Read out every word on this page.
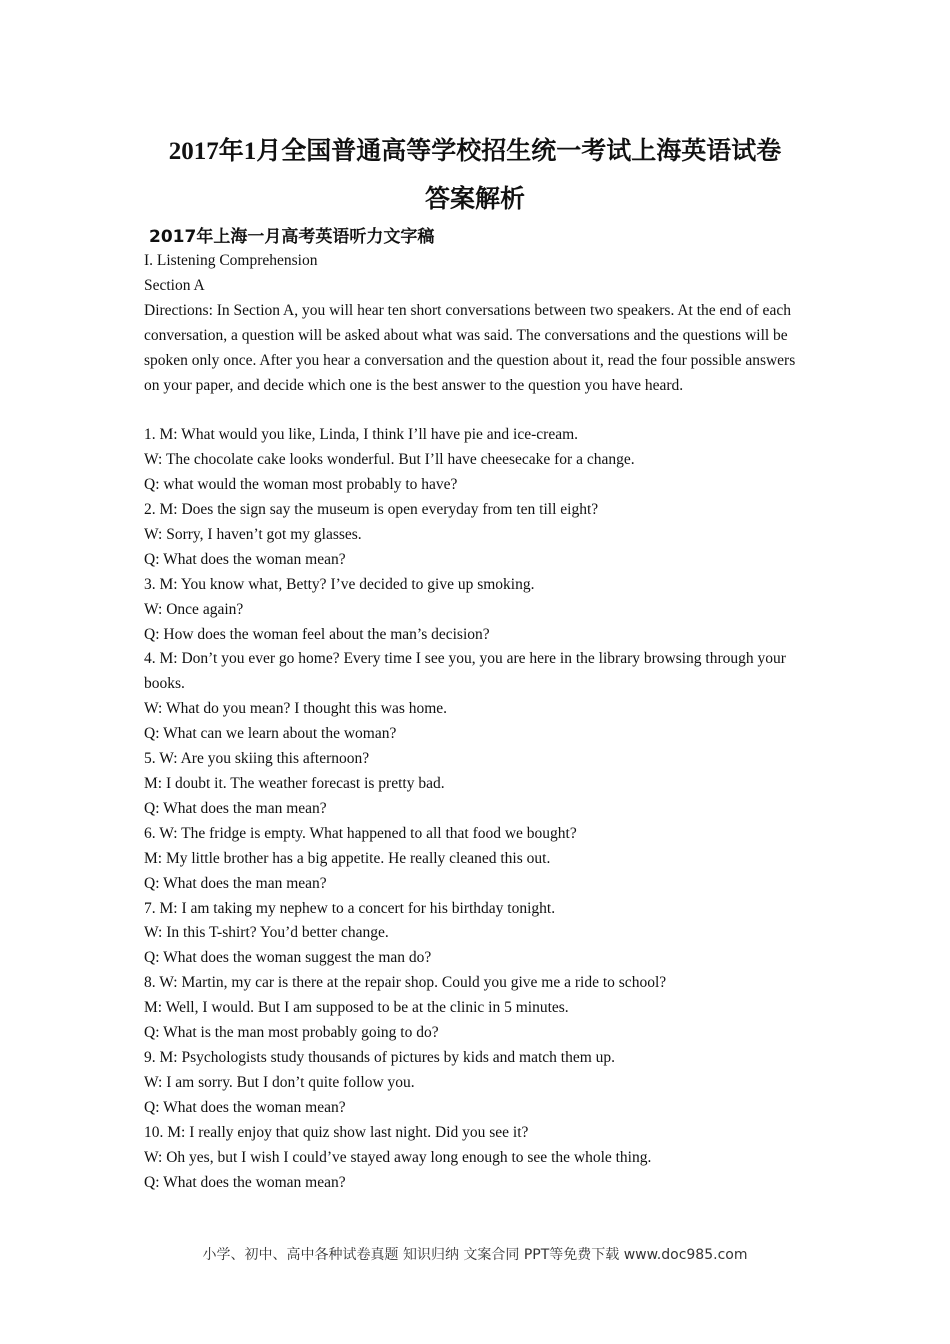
2017年1月全国普通高等学校招生统一考试上海英语试卷
答案解析
2017年上海一月高考英语听力文字稿

I. Listening Comprehension

Section A

Directions: In Section A, you will hear ten short conversations between two speakers. At the end of each conversation, a question will be asked about what was said. The conversations and the questions will be spoken only once. After you hear a conversation and the question about it, read the four possible answers on your paper, and decide which one is the best answer to the question you have heard.

1. M: What would you like, Linda, I think I’ll have pie and ice-cream.

W: The chocolate cake looks wonderful. But I’ll have cheesecake for a change.

Q: what would the woman most probably to have?

2. M: Does the sign say the museum is open everyday from ten till eight?

W: Sorry, I haven’t got my glasses.

Q: What does the woman mean?

3. M: You know what, Betty? I’ve decided to give up smoking.

W: Once again?

Q: How does the woman feel about the man’s decision?

4. M: Don’t you ever go home? Every time I see you, you are here in the library browsing through your books.

W: What do you mean? I thought this was home.

Q: What can we learn about the woman?

5. W: Are you skiing this afternoon?

M: I doubt it. The weather forecast is pretty bad.

Q: What does the man mean?

6. W: The fridge is empty. What happened to all that food we bought?

M: My little brother has a big appetite. He really cleaned this out.

Q: What does the man mean?

7. M: I am taking my nephew to a concert for his birthday tonight.

W: In this T-shirt? You’d better change.

Q: What does the woman suggest the man do?

8. W: Martin, my car is there at the repair shop. Could you give me a ride to school?

M: Well, I would. But I am supposed to be at the clinic in 5 minutes.

Q: What is the man most probably going to do?

9. M: Psychologists study thousands of pictures by kids and match them up.

W: I am sorry. But I don’t quite follow you.

Q: What does the woman mean?

10. M: I really enjoy that quiz show last night. Did you see it?

W: Oh yes, but I wish I could’ve stayed away long enough to see the whole thing.

Q: What does the woman mean?

小学、初中、高中各种试卷真题 知识归纳 文案合同 PPT等免费下载 www.doc985.com
